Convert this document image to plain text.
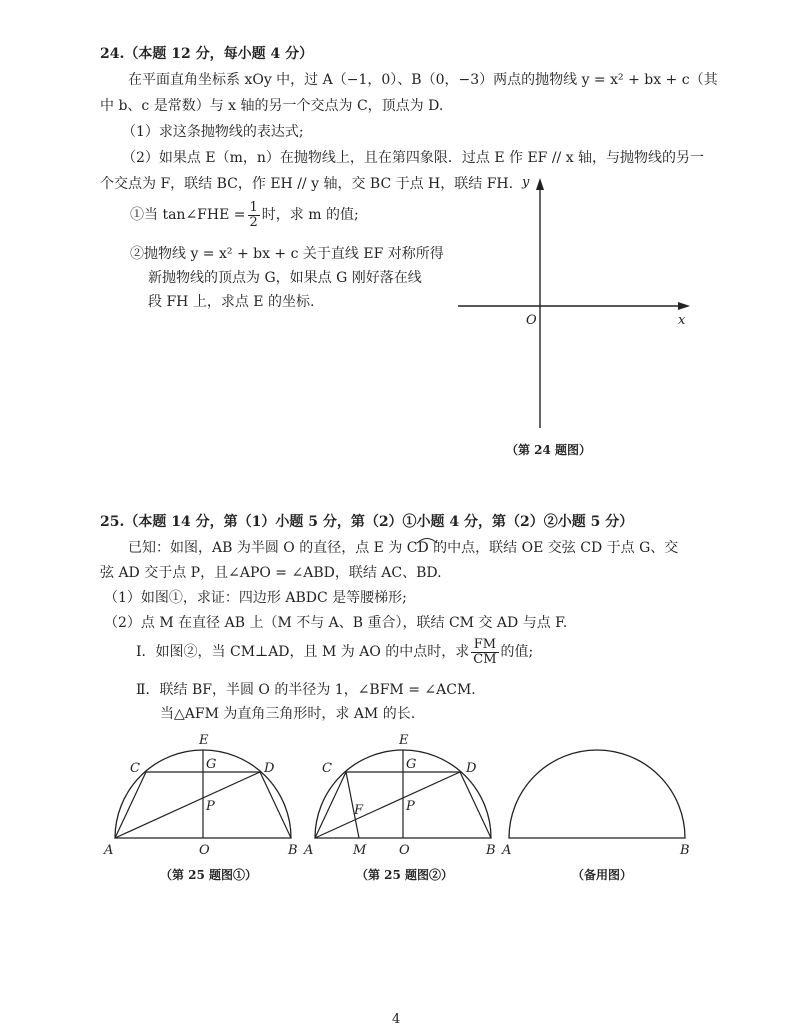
24.（本题 12 分，每小题 4 分）
在平面直角坐标系 xOy 中，过 A（−1，0）、B（0，−3）两点的抛物线 y = x² + bx + c（其
中 b、c 是常数）与 x 轴的另一个交点为 C，顶点为 D.
（1）求这条抛物线的表达式;
（2）如果点 E（m，n）在抛物线上，且在第四象限．过点 E 作 EF // x 轴，与抛物线的另一
个交点为 F，联结 BC，作 EH // y 轴，交 BC 于点 H，联结 FH.
①当 tan∠FHE = $\frac{1}{2}$ 时，求 m 的值;
②抛物线 y = x² + bx + c 关于直线 EF 对称所得
新抛物线的顶点为 G，如果点 G 刚好落在线
段 FH 上，求点 E 的坐标.
y
x
O
（第 24 题图）
25.（本题 14 分，第（1）小题 5 分，第（2）①小题 4 分，第（2）②小题 5 分）
已知：如图，AB 为半圆 O 的直径，点 E 为 CD 的中点，联结 OE 交弦 CD 于点 G、交
弦 AD 交于点 P，且∠APO = ∠ABD，联结 AC、BD.
（1）如图①，求证：四边形 ABDC 是等腰梯形;
（2）点 M 在直径 AB 上（M 不与 A、B 重合），联结 CM 交 AD 与点 F.
Ⅰ．如图②，当 CM⊥AD，且 M 为 AO 的中点时，求 $\frac{FM}{CM}$ 的值;
Ⅱ．联结 BF，半圆 O 的半径为 1，∠BFM = ∠ACM.
当△AFM 为直角三角形时，求 AM 的长.
E
C	G	D
P
A	O	B
（第 25 题图①）
E
C	G	D
P
F
A	M	O	B
（第 25 题图②）
A	B
（备用图）
4
